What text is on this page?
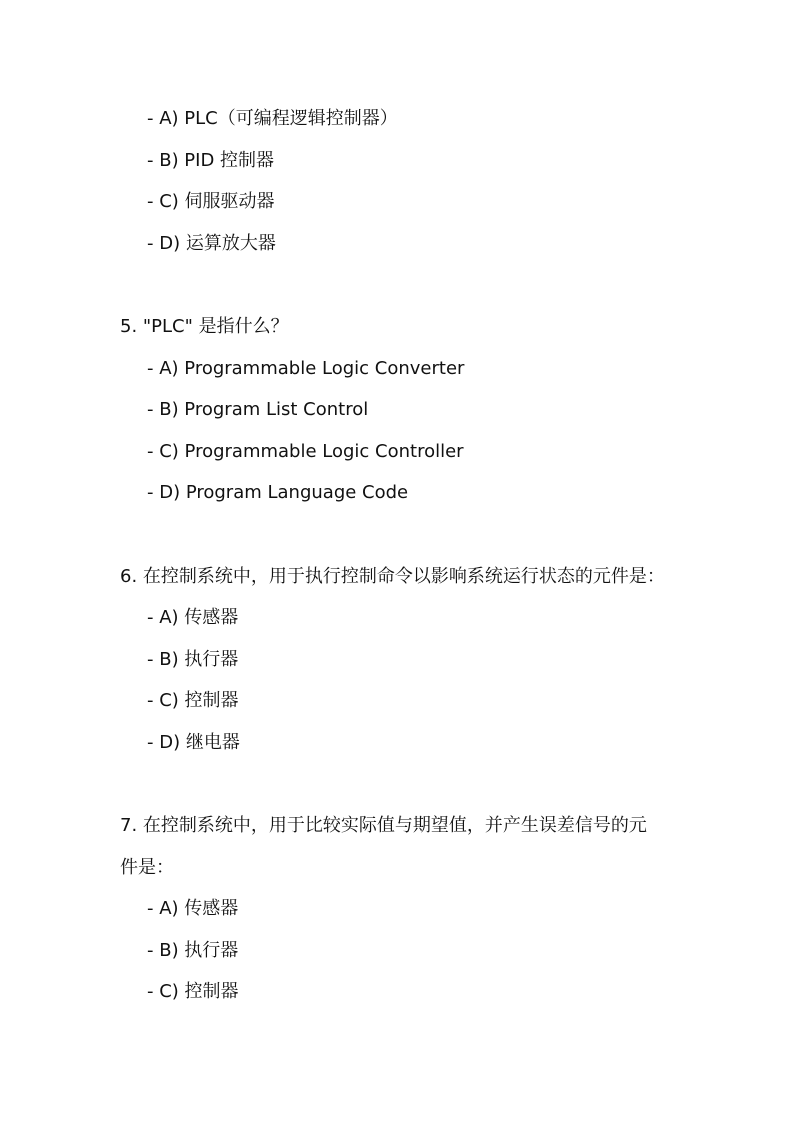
- A) PLC（可编程逻辑控制器）
- B) PID 控制器
- C) 伺服驱动器
- D) 运算放大器
5. "PLC" 是指什么？
- A) Programmable Logic Converter
- B) Program List Control
- C) Programmable Logic Controller
- D) Program Language Code
6. 在控制系统中，用于执行控制命令以影响系统运行状态的元件是：
- A) 传感器
- B) 执行器
- C) 控制器
- D) 继电器
7. 在控制系统中，用于比较实际值与期望值，并产生误差信号的元
件是：
- A) 传感器
- B) 执行器
- C) 控制器
